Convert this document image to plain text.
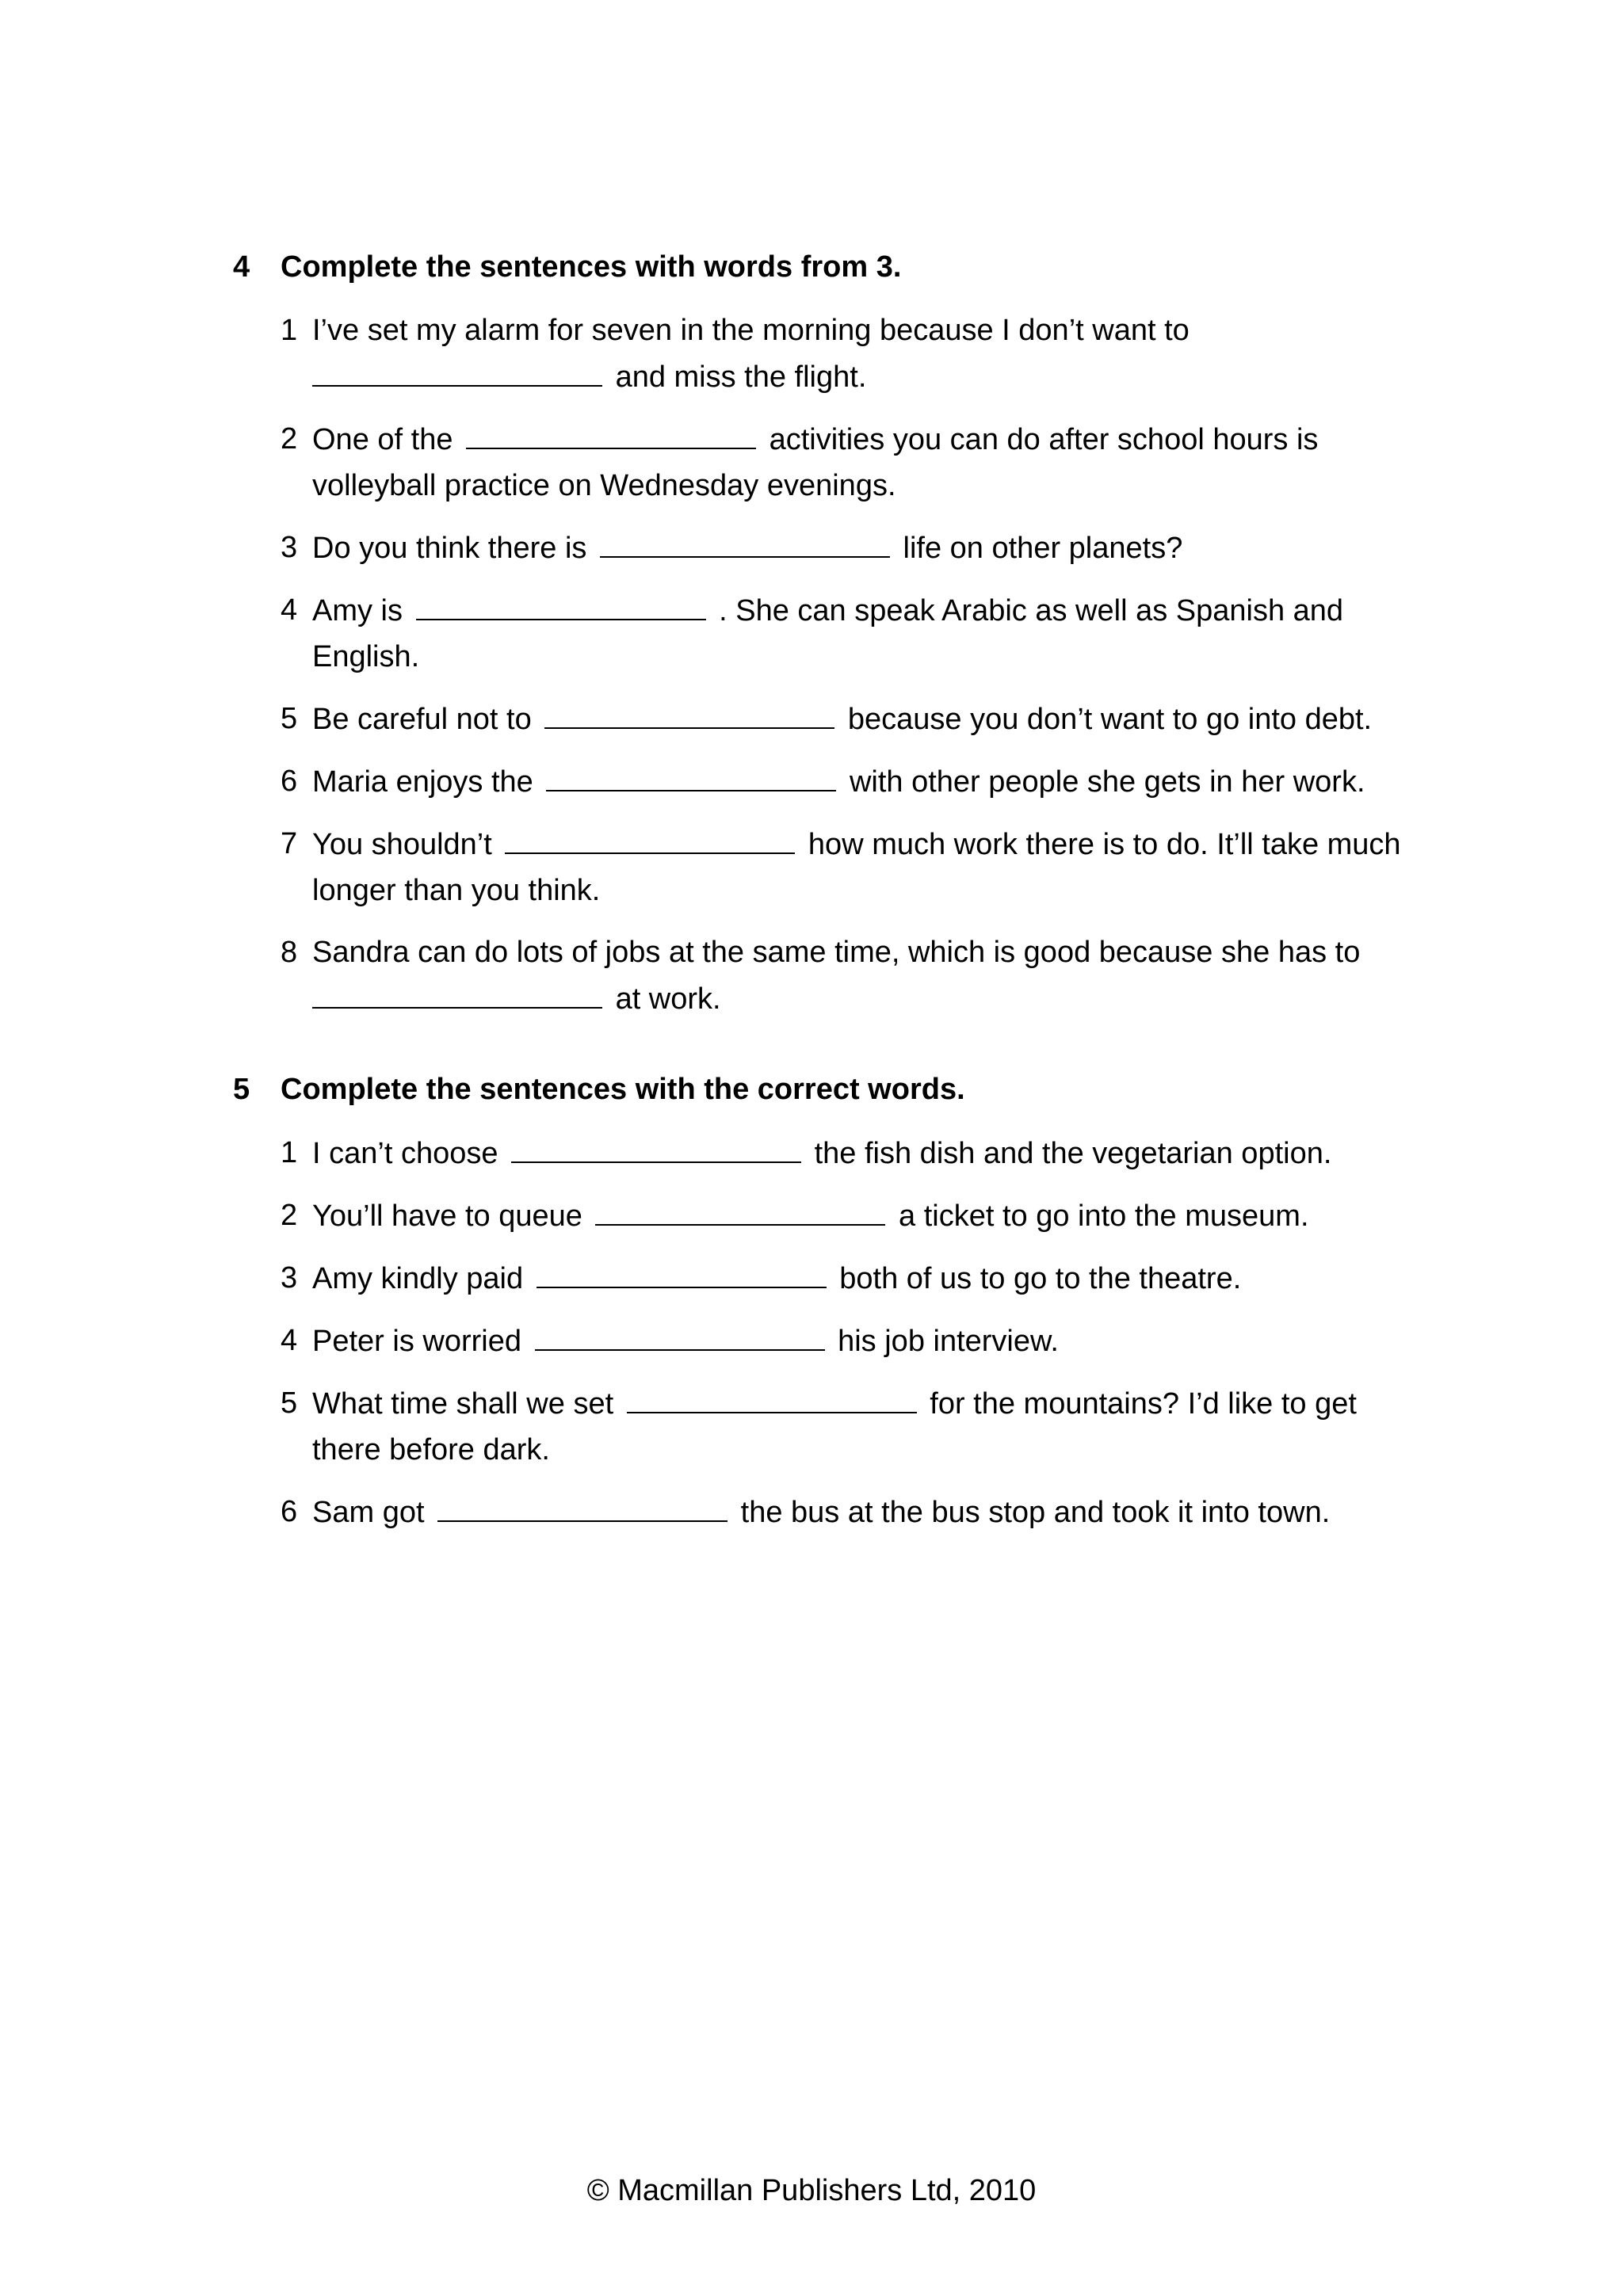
4	Complete the sentences with words from 3.
1 I’ve set my alarm for seven in the morning because I don’t want to
and miss the flight.
2 One of the	activities you can do after school hours is volleyball practice on Wednesday evenings.
3 Do you think there is	life on other planets?
4 Amy is	. She can speak Arabic as well as Spanish and English.
5 Be careful not to	because you don’t want to go into debt.
6 Maria enjoys the	with other people she gets in her work.
7 You shouldn’t	how much work there is to do. It’ll take much longer than you think.
8 Sandra can do lots of jobs at the same time, which is good because she has to
at work.
5	Complete the sentences with the correct words.
1 I can’t choose	the fish dish and the vegetarian option.
2 You’ll have to queue	a ticket to go into the museum.
3 Amy kindly paid	both of us to go to the theatre.
4 Peter is worried	his job interview.
5 What time shall we set	for the mountains? I’d like to get there before dark.
6 Sam got	the bus at the bus stop and took it into town.
© Macmillan Publishers Ltd, 2010
